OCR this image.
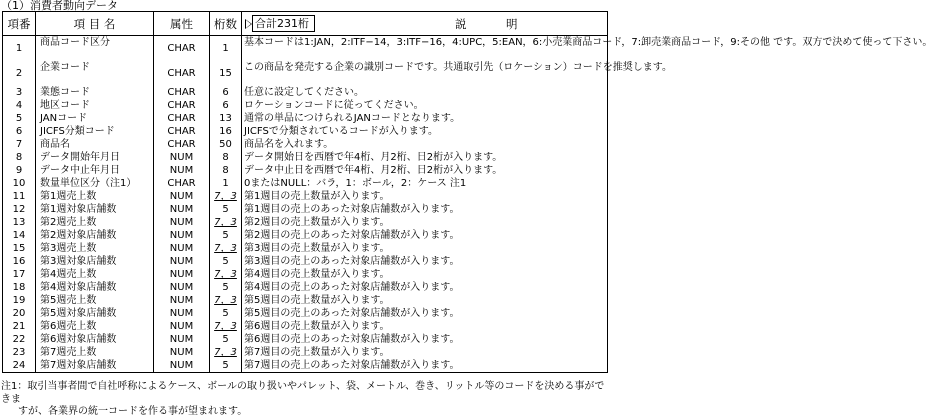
（1）消費者動向データ
項番	項 目 名	属性	桁数	合計231桁 説　明

1	商品コード区分	CHAR	1	基本コードは1:JAN，2:ITF−14，3:ITF−16，4:UPC，5:EAN，6:小売業商品コード，7:卸売業商品コード，9:その他 です。双方で決めて使って下さい。
2	企業コード	CHAR	15	この商品を発売する企業の識別コードです。共通取引先（ロケーション）コードを推奨します。
3	業態コード	CHAR	6	任意に設定してください。
4	地区コード	CHAR	6	ロケーションコードに従ってください。
5	JANコード	CHAR	13	通常の単品につけられるJANコードとなります。
6	JICFS分類コード	CHAR	16	JICFSで分類されているコードが入ります。
7	商品名	CHAR	50	商品名を入れます。
8	データ開始年月日	NUM	8	データ開始日を西暦で年4桁、月2桁、日2桁が入ります。
9	データ中止年月日	NUM	8	データ中止日を西暦で年4桁、月2桁、日2桁が入ります。
10	数量単位区分（注1）	CHAR	1	0またはNULL：バラ，1：ボール，2：ケース 注1
11	第1週売上数	NUM	7，3	第1週目の売上数量が入ります。
12	第1週対象店舗数	NUM	5	第1週目の売上のあった対象店舗数が入ります。
13	第2週売上数	NUM	7，3	第2週目の売上数量が入ります。
14	第2週対象店舗数	NUM	5	第2週目の売上のあった対象店舗数が入ります。
15	第3週売上数	NUM	7，3	第3週目の売上数量が入ります。
16	第3週対象店舗数	NUM	5	第3週目の売上のあった対象店舗数が入ります。
17	第4週売上数	NUM	7，3	第4週目の売上数量が入ります。
18	第4週対象店舗数	NUM	5	第4週目の売上のあった対象店舗数が入ります。
19	第5週売上数	NUM	7，3	第5週目の売上数量が入ります。
20	第5週対象店舗数	NUM	5	第5週目の売上のあった対象店舗数が入ります。
21	第6週売上数	NUM	7，3	第6週目の売上数量が入ります。
22	第6週対象店舗数	NUM	5	第6週目の売上のあった対象店舗数が入ります。
23	第7週売上数	NUM	7，3	第7週目の売上数量が入ります。
24	第7週対象店舗数	NUM	5	第7週目の売上のあった対象店舗数が入ります。
注1：取引当事者間で自社呼称によるケース、ボールの取り扱いやパレット、袋、メートル、巻き、リットル等のコードを決める事ができま
すが、各業界の統一コードを作る事が望まれます。
